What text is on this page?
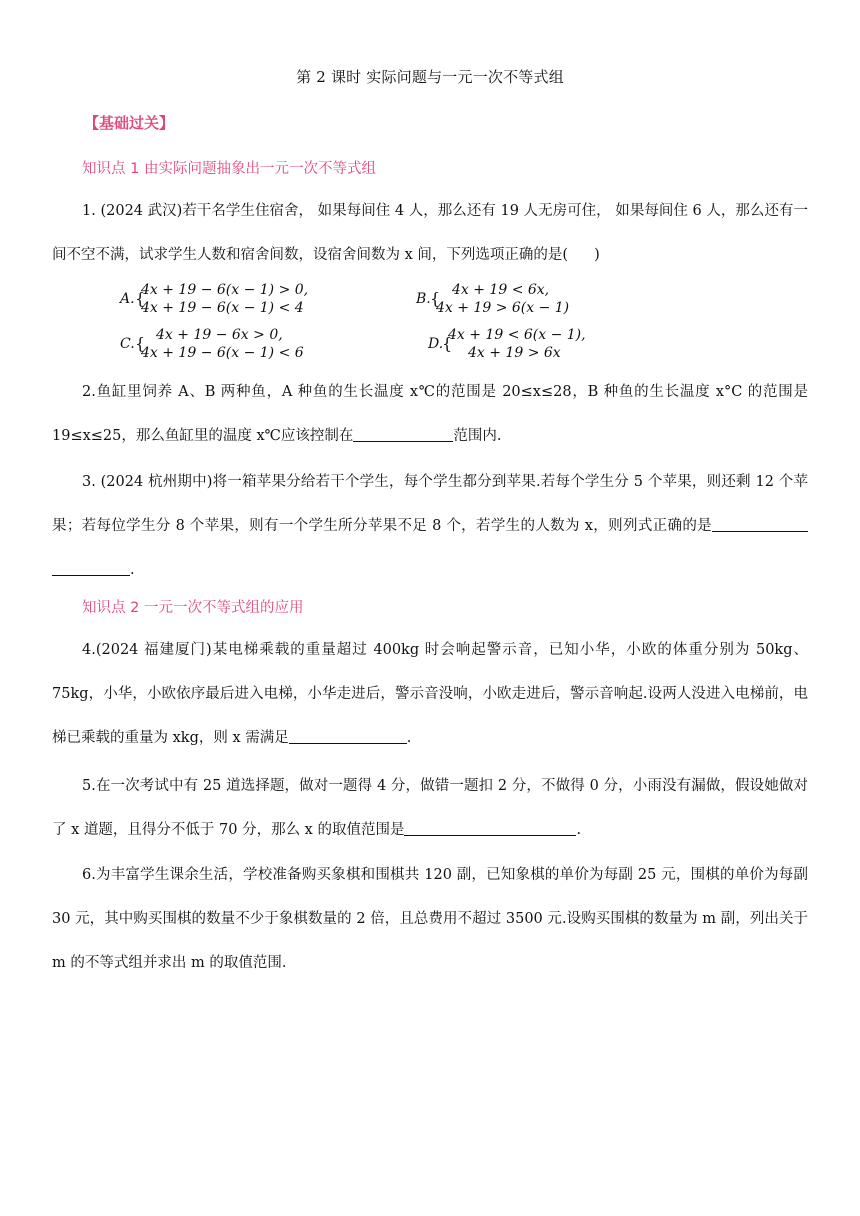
第 2 课时 实际问题与一元一次不等式组
【基础过关】
知识点 1 由实际问题抽象出一元一次不等式组
1. (2024 武汉)若干名学生住宿舍， 如果每间住 4 人，那么还有 19 人无房可住， 如果每间住 6 人，那么还有一间不空不满，试求学生人数和宿舍间数，设宿舍间数为 x 间，下列选项正确的是( )
A. {
4x + 19 − 6(x − 1) > 0,
4x + 19 − 6(x − 1) < 4
B. { 4x + 19 < 6x,
4x + 19 > 6(x − 1)
C. { 4x + 19 − 6x > 0,
4x + 19 − 6(x − 1) < 6
D.
{
4x + 19 < 6(x − 1),
4x + 19 > 6x
2.鱼缸里饲养 A、B 两种鱼，A 种鱼的生长温度 x℃的范围是 20≤x≤28，B 种鱼的生长温度 x°C 的范围是 19≤x≤25，那么鱼缸里的温度 x℃应该控制在	范围内.
3. (2024 杭州期中)将一箱苹果分给若干个学生，每个学生都分到苹果.若每个学生分 5 个苹果，则还剩 12 个苹果；若每位学生分 8 个苹果，则有一个学生所分苹果不足 8 个，若学生的人数为 x，则列式正确的是 .
知识点 2 一元一次不等式组的应用
4.(2024 福建厦门)某电梯乘载的重量超过 400kg 时会响起警示音，已知小华，小欧的体重分别为 50kg、75kg，小华，小欧依序最后进入电梯，小华走进后，警示音没响，小欧走进后，警示音响起.设两人没进入电梯前，电梯已乘载的重量为 xkg，则 x 需满足	.
5.在一次考试中有 25 道选择题，做对一题得 4 分，做错一题扣 2 分，不做得 0 分，小雨没有漏做，假设她做对了 x 道题，且得分不低于 70 分，那么 x 的取值范围是	.
6.为丰富学生课余生活，学校准备购买象棋和围棋共 120 副，已知象棋的单价为每副 25 元，围棋的单价为每副 30 元，其中购买围棋的数量不少于象棋数量的 2 倍，且总费用不超过 3500 元.设购买围棋的数量为 m 副，列出关于 m 的不等式组并求出 m 的取值范围.
